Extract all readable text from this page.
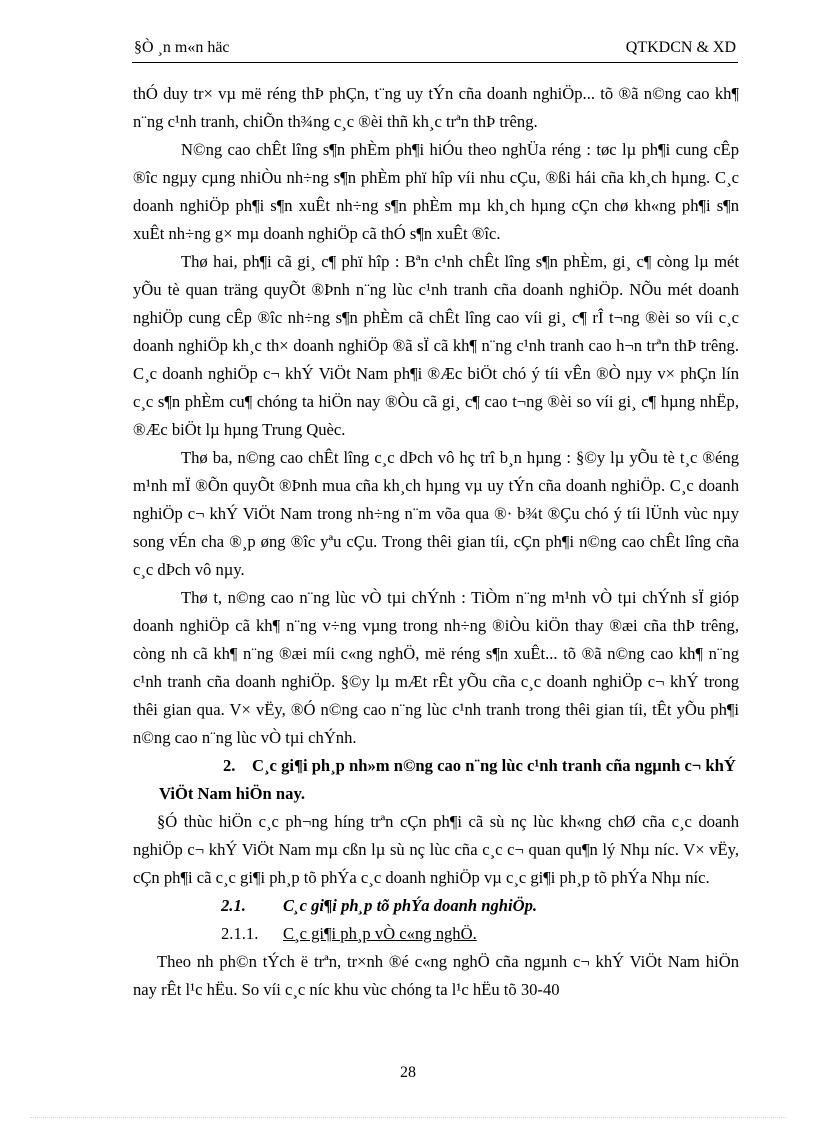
§Ò ¸n m«n häc	QTKDCN & XD

thÓ duy tr× vµ më réng thÞ phÇn, t¨ng uy tÝn cña doanh nghiÖp... tõ ®ã n©ng cao kh¶ n¨ng c¹nh tranh, chiÕn th¾ng c¸c ®èi thñ kh¸c trªn thÞ trêng.

N©ng cao chÊt lîng s¶n phÈm ph¶i hiÓu theo nghÜa réng : tøc lµ ph¶i cung cÊp ®îc ngµy cµng nhiÒu nh÷ng s¶n phÈm phï hîp víi nhu cÇu, ®ßi hái cña kh¸ch hµng. C¸c doanh nghiÖp ph¶i s¶n xuÊt nh÷ng s¶n phÈm mµ kh¸ch hµng cÇn chø kh«ng ph¶i s¶n xuÊt nh÷ng g× mµ doanh nghiÖp cã thÓ s¶n xuÊt ®îc.

Thø hai, ph¶i cã gi¸ c¶ phï hîp : Bªn c¹nh chÊt lîng s¶n phÈm, gi¸ c¶ còng lµ mét yÕu tè quan träng quyÕt ®Þnh n¨ng lùc c¹nh tranh cña doanh nghiÖp. NÕu mét doanh nghiÖp cung cÊp ®îc nh÷ng s¶n phÈm cã chÊt lîng cao víi gi¸ c¶ rÎ t¬ng ®èi so víi c¸c doanh nghiÖp kh¸c th× doanh nghiÖp ®ã sÏ cã kh¶ n¨ng c¹nh tranh cao h¬n trªn thÞ trêng. C¸c doanh nghiÖp c¬ khÝ ViÖt Nam ph¶i ®Æc biÖt chó ý tíi vÊn ®Ò nµy v× phÇn lín c¸c s¶n phÈm cu¶ chóng ta hiÖn nay ®Òu cã gi¸ c¶ cao t¬ng ®èi so víi gi¸ c¶ hµng nhËp, ®Æc biÖt lµ hµng Trung Quèc.

Thø ba, n©ng cao chÊt lîng c¸c dÞch vô hç trî b¸n hµng : §©y lµ yÕu tè t¸c ®éng m¹nh mÏ ®Õn quyÕt ®Þnh mua cña kh¸ch hµng vµ uy tÝn cña doanh nghiÖp. C¸c doanh nghiÖp c¬ khÝ ViÖt Nam trong nh÷ng n¨m võa qua ®· b¾t ®Çu chó ý tíi lÜnh vùc nµy song vÉn cha ®¸p øng ®îc yªu cÇu. Trong thêi gian tíi, cÇn ph¶i n©ng cao chÊt lîng cña c¸c dÞch vô nµy.

Thø t, n©ng cao n¨ng lùc vÒ tµi chÝnh : TiÒm n¨ng m¹nh vÒ tµi chÝnh sÏ gióp doanh nghiÖp cã kh¶ n¨ng v÷ng vµng trong nh÷ng ®iÒu kiÖn thay ®æi cña thÞ trêng, còng nh cã kh¶ n¨ng ®æi míi c«ng nghÖ, më réng s¶n xuÊt... tõ ®ã n©ng cao kh¶ n¨ng c¹nh tranh cña doanh nghiÖp. §©y lµ mÆt rÊt yÕu cña c¸c doanh nghiÖp c¬ khÝ trong thêi gian qua. V× vËy, ®Ó n©ng cao n¨ng lùc c¹nh tranh trong thêi gian tíi, tÊt yÕu ph¶i n©ng cao n¨ng lùc vÒ tµi chÝnh.

2. C¸c gi¶i ph¸p nh»m n©ng cao n¨ng lùc c¹nh tranh cña ngµnh c¬ khÝ ViÖt Nam hiÖn nay.

§Ó thùc hiÖn c¸c ph¬ng híng trªn cÇn ph¶i cã sù nç lùc kh«ng chØ cña c¸c doanh nghiÖp c¬ khÝ ViÖt Nam mµ cßn lµ sù nç lùc cña c¸c c¬ quan qu¶n lý Nhµ níc. V× vËy, cÇn ph¶i cã c¸c gi¶i ph¸p tõ phÝa c¸c doanh nghiÖp vµ c¸c gi¶i ph¸p tõ phÝa Nhµ níc.

2.1. C¸c gi¶i ph¸p tõ phÝa doanh nghiÖp.

2.1.1. C¸c gi¶i ph¸p vÒ c«ng nghÖ.

Theo nh ph©n tÝch ë trªn, tr×nh ®é c«ng nghÖ cña ngµnh c¬ khÝ ViÖt Nam hiÖn nay rÊt l¹c hËu. So víi c¸c níc khu vùc chóng ta l¹c hËu tõ 30-40

28
